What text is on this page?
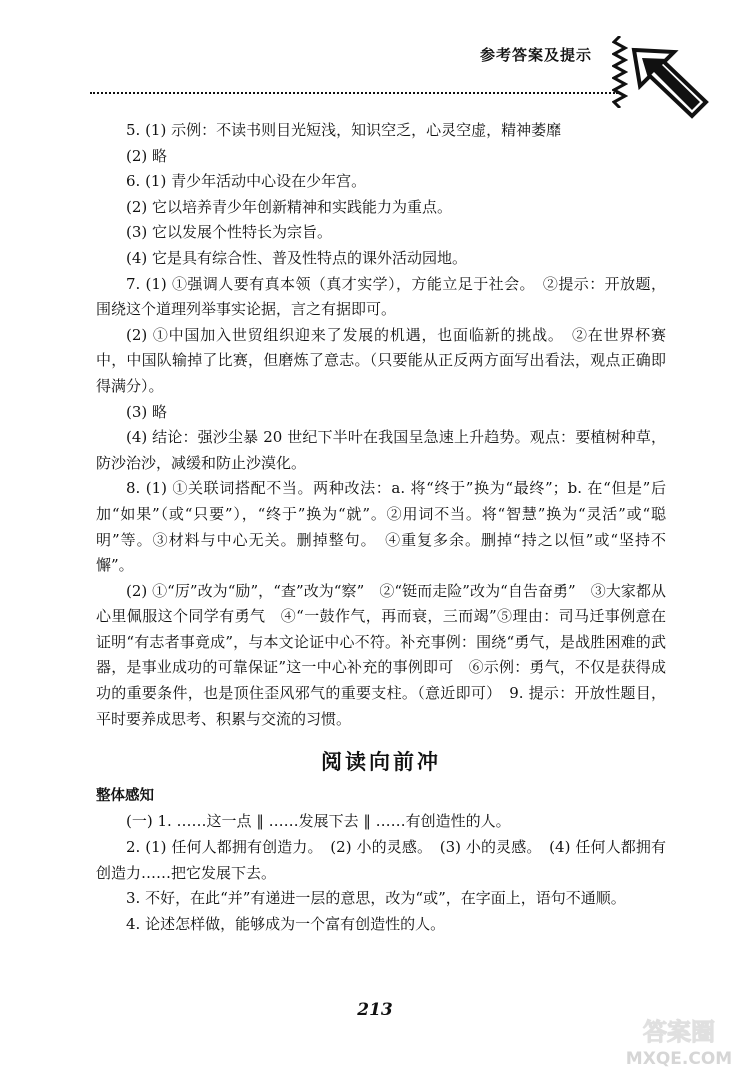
参考答案及提示

5. (1) 示例：不读书则目光短浅，知识空乏，心灵空虚，精神萎靡

(2) 略

6. (1) 青少年活动中心设在少年宫。

(2) 它以培养青少年创新精神和实践能力为重点。

(3) 它以发展个性特长为宗旨。

(4) 它是具有综合性、普及性特点的课外活动园地。

7. (1) ①强调人要有真本领（真才实学），方能立足于社会。　②提示：开放题，围绕这个道理列举事实论据，言之有据即可。

(2) ①中国加入世贸组织迎来了发展的机遇，也面临新的挑战。　②在世界杯赛中，中国队输掉了比赛，但磨炼了意志。（只要能从正反两方面写出看法，观点正确即得满分）。

(3) 略

(4) 结论：强沙尘暴 20 世纪下半叶在我国呈急速上升趋势。观点：要植树种草，防沙治沙，减缓和防止沙漠化。

8. (1) ①关联词搭配不当。两种改法：a. 将“终于”换为“最终”；b. 在“但是”后加“如果”（或“只要”），“终于”换为“就”。②用词不当。将“智慧”换为“灵活”或“聪明”等。③材料与中心无关。删掉整句。　④重复多余。删掉“持之以恒”或“坚持不懈”。

(2) ①“厉”改为“励”，“查”改为“察”　②“铤而走险”改为“自告奋勇”　③大家都从心里佩服这个同学有勇气　④“一鼓作气，再而衰，三而竭”⑤理由：司马迁事例意在证明“有志者事竟成”，与本文论证中心不符。补充事例：围绕“勇气，是战胜困难的武器，是事业成功的可靠保证”这一中心补充的事例即可　⑥示例：勇气，不仅是获得成功的重要条件，也是顶住歪风邪气的重要支柱。（意近即可）　9. 提示：开放性题目，平时要养成思考、积累与交流的习惯。

阅读向前冲

整体感知

(一) 1. ……这一点 ‖ ……发展下去 ‖ ……有创造性的人。

2. (1) 任何人都拥有创造力。　(2) 小的灵感。　(3) 小的灵感。　(4) 任何人都拥有创造力……把它发展下去。

3. 不好，在此“并”有递进一层的意思，改为“或”，在字面上，语句不通顺。

4. 论述怎样做，能够成为一个富有创造性的人。

213
答案圈
MXQE.COM
